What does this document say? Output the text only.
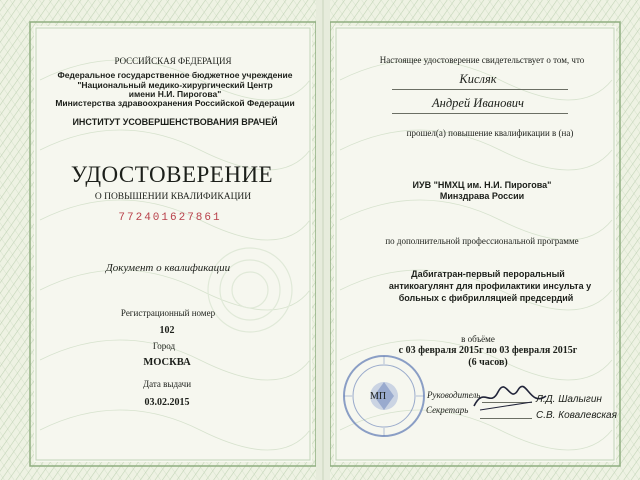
РОССИЙСКАЯ ФЕДЕРАЦИЯ
Федеральное государственное бюджетное учреждение
"Национальный медико-хирургический Центр
имени Н.И. Пирогова"
Министерства здравоохранения Российской Федерации
ИНСТИТУТ УСОВЕРШЕНСТВОВАНИЯ ВРАЧЕЙ
УДОСТОВЕРЕНИЕ
О ПОВЫШЕНИИ КВАЛИФИКАЦИИ
772401627861
Документ о квалификации
Регистрационный номер
102
Город
МОСКВА
Дата выдачи
03.02.2015
Настоящее удостоверение свидетельствует о том, что
Кисляк
Андрей Иванович
прошел(а) повышение квалификации в (на)
ИУВ "НМХЦ им. Н.И. Пирогова"
Минздрава России
по дополнительной профессиональной программе
Дабигатран-первый пероральный
антикоагулянт для профилактики инсульта у
больных с фибрилляцией предсердий
в объёме
с 03 февраля 2015г по 03 февраля 2015г
(6 часов)
МП	Руководитель	Л.Д. Шалыгин
Секретарь	С.В. Ковалевская
